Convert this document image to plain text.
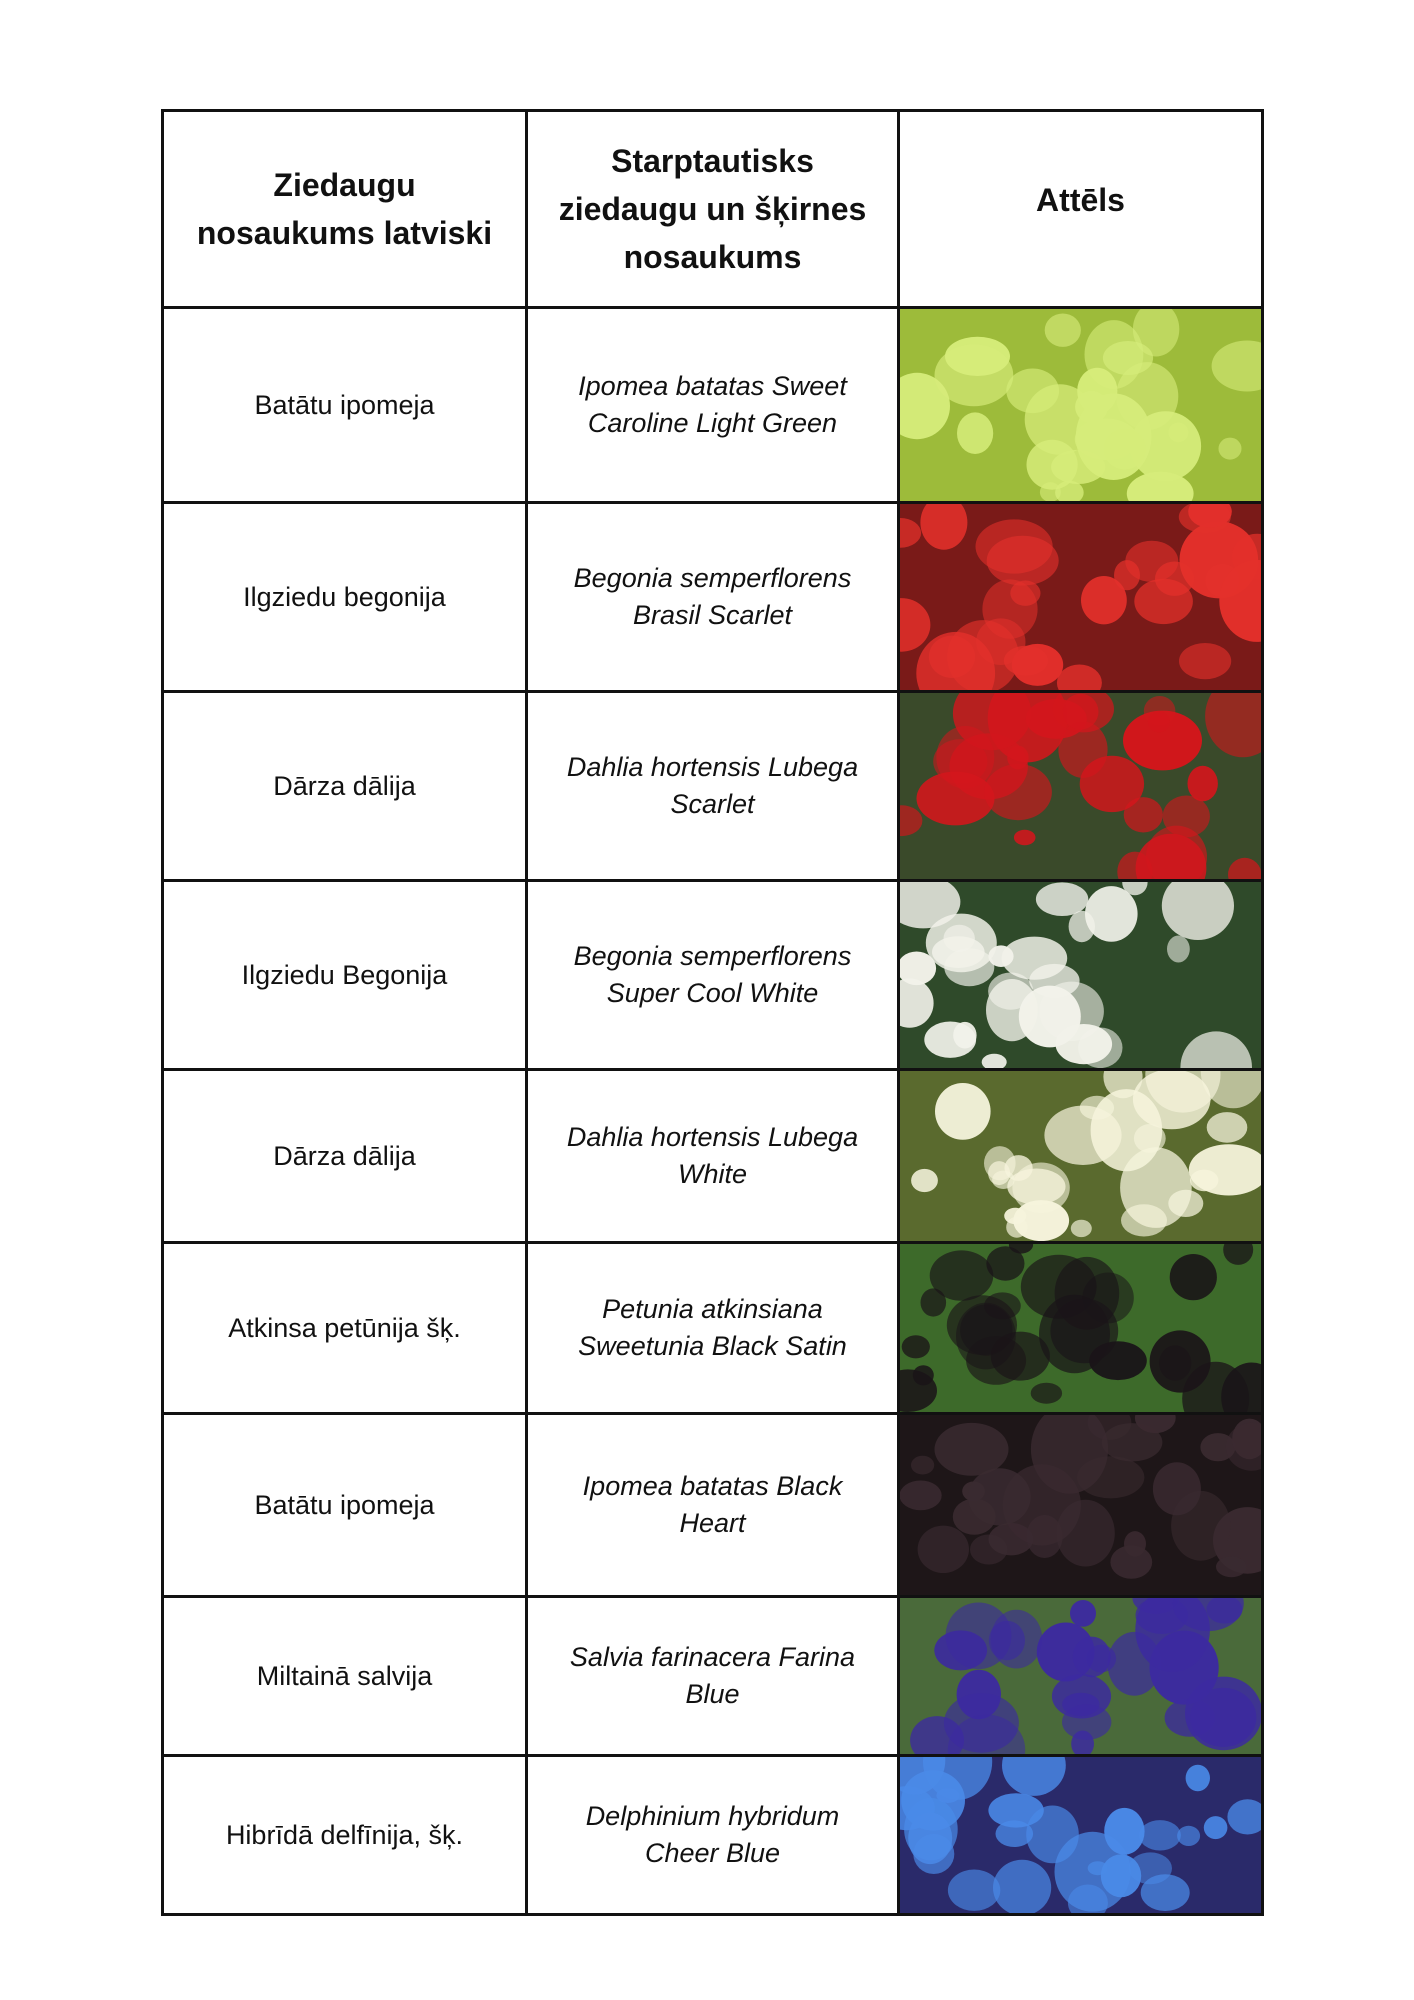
Ziedaugu nosaukums latviski	Starptautisks ziedaugu un šķirnes nosaukums	Attēls

Batātu ipomeja	Ipomea batatas Sweet Caroline Light Green	

Ilgziedu begonija	Begonia semperflorens Brasil Scarlet	

Dārza dālija	Dahlia hortensis Lubega Scarlet	

Ilgziedu Begonija	Begonia semperflorens Super Cool White	

Dārza dālija	Dahlia hortensis Lubega White	

Atkinsa petūnija šķ.	Petunia atkinsiana Sweetunia Black Satin	

Batātu ipomeja	Ipomea batatas Black Heart	

Miltainā salvija	Salvia farinacera Farina Blue	

Hibrīdā delfīnija, šķ.	Delphinium hybridum Cheer Blue	
